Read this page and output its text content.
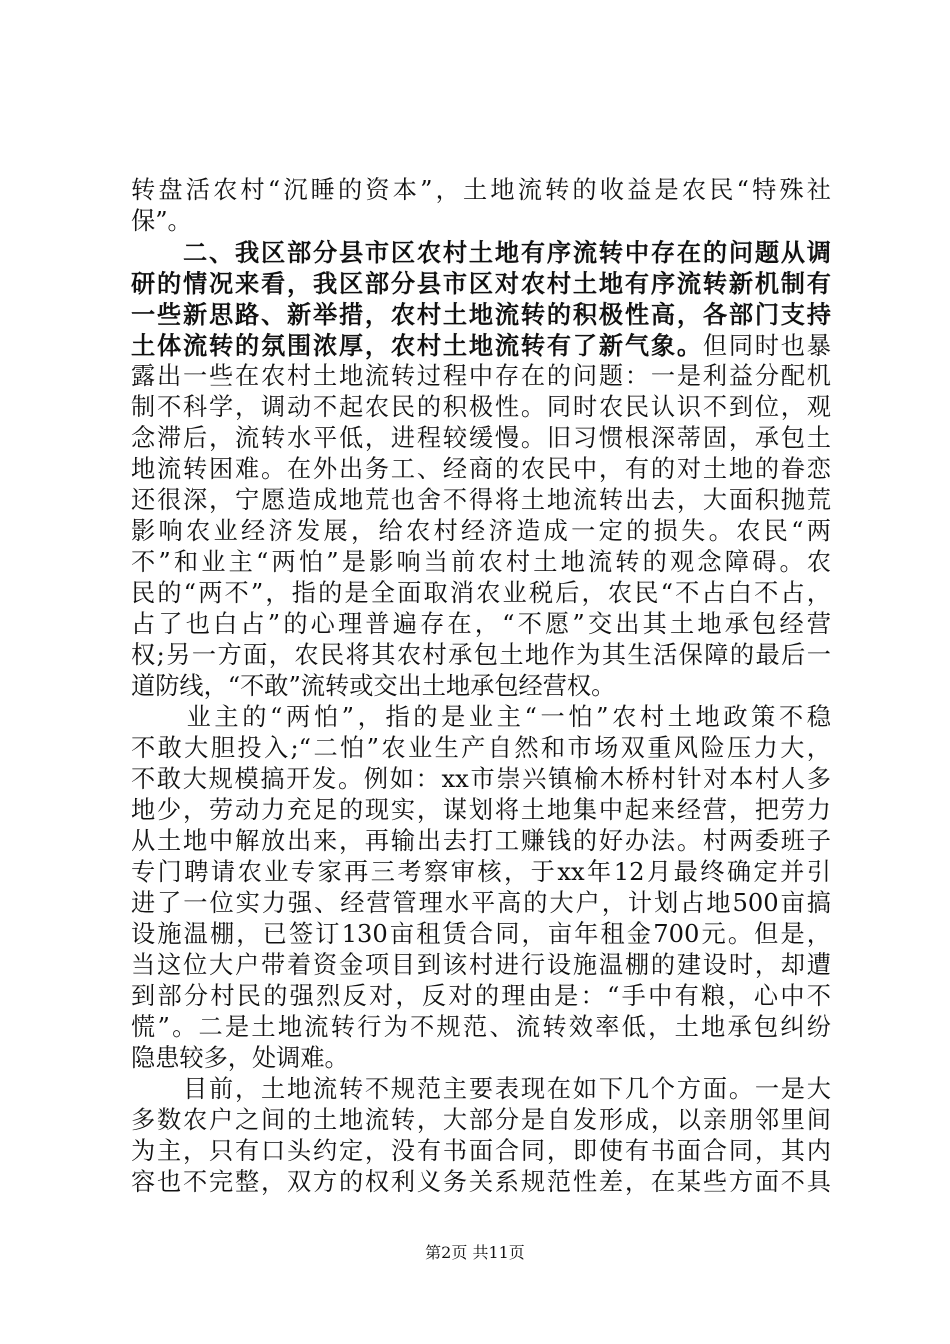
转盘活农村“沉睡的资本”，土地流转的收益是农民“特殊社
保”。
　　二、我区部分县市区农村土地有序流转中存在的问题从调
研的情况来看，我区部分县市区对农村土地有序流转新机制有
一些新思路、新举措，农村土地流转的积极性高，各部门支持
土体流转的氛围浓厚，农村土地流转有了新气象。但同时也暴
露出一些在农村土地流转过程中存在的问题：一是利益分配机
制不科学，调动不起农民的积极性。同时农民认识不到位，观
念滞后，流转水平低，进程较缓慢。旧习惯根深蒂固，承包土
地流转困难。在外出务工、经商的农民中，有的对土地的眷恋
还很深，宁愿造成地荒也舍不得将土地流转出去，大面积抛荒
影响农业经济发展，给农村经济造成一定的损失。农民“两
不”和业主“两怕”是影响当前农村土地流转的观念障碍。农
民的“两不”，指的是全面取消农业税后，农民“不占白不占，
占了也白占”的心理普遍存在，“不愿”交出其土地承包经营
权;另一方面，农民将其农村承包土地作为其生活保障的最后一
道防线，“不敢”流转或交出土地承包经营权。
　　业主的“两怕”，指的是业主“一怕”农村土地政策不稳
不敢大胆投入;“二怕”农业生产自然和市场双重风险压力大，
不敢大规模搞开发。例如：xx市崇兴镇榆木桥村针对本村人多
地少，劳动力充足的现实，谋划将土地集中起来经营，把劳力
从土地中解放出来，再输出去打工赚钱的好办法。村两委班子
专门聘请农业专家再三考察审核，于xx年12月最终确定并引
进了一位实力强、经营管理水平高的大户，计划占地500亩搞
设施温棚，已签订130亩租赁合同，亩年租金700元。但是，
当这位大户带着资金项目到该村进行设施温棚的建设时，却遭
到部分村民的强烈反对，反对的理由是：“手中有粮，心中不
慌”。二是土地流转行为不规范、流转效率低，土地承包纠纷
隐患较多，处调难。
　　目前，土地流转不规范主要表现在如下几个方面。一是大
多数农户之间的土地流转，大部分是自发形成，以亲朋邻里间
为主，只有口头约定，没有书面合同，即使有书面合同，其内
容也不完整，双方的权利义务关系规范性差，在某些方面不具
第2页 共11页
